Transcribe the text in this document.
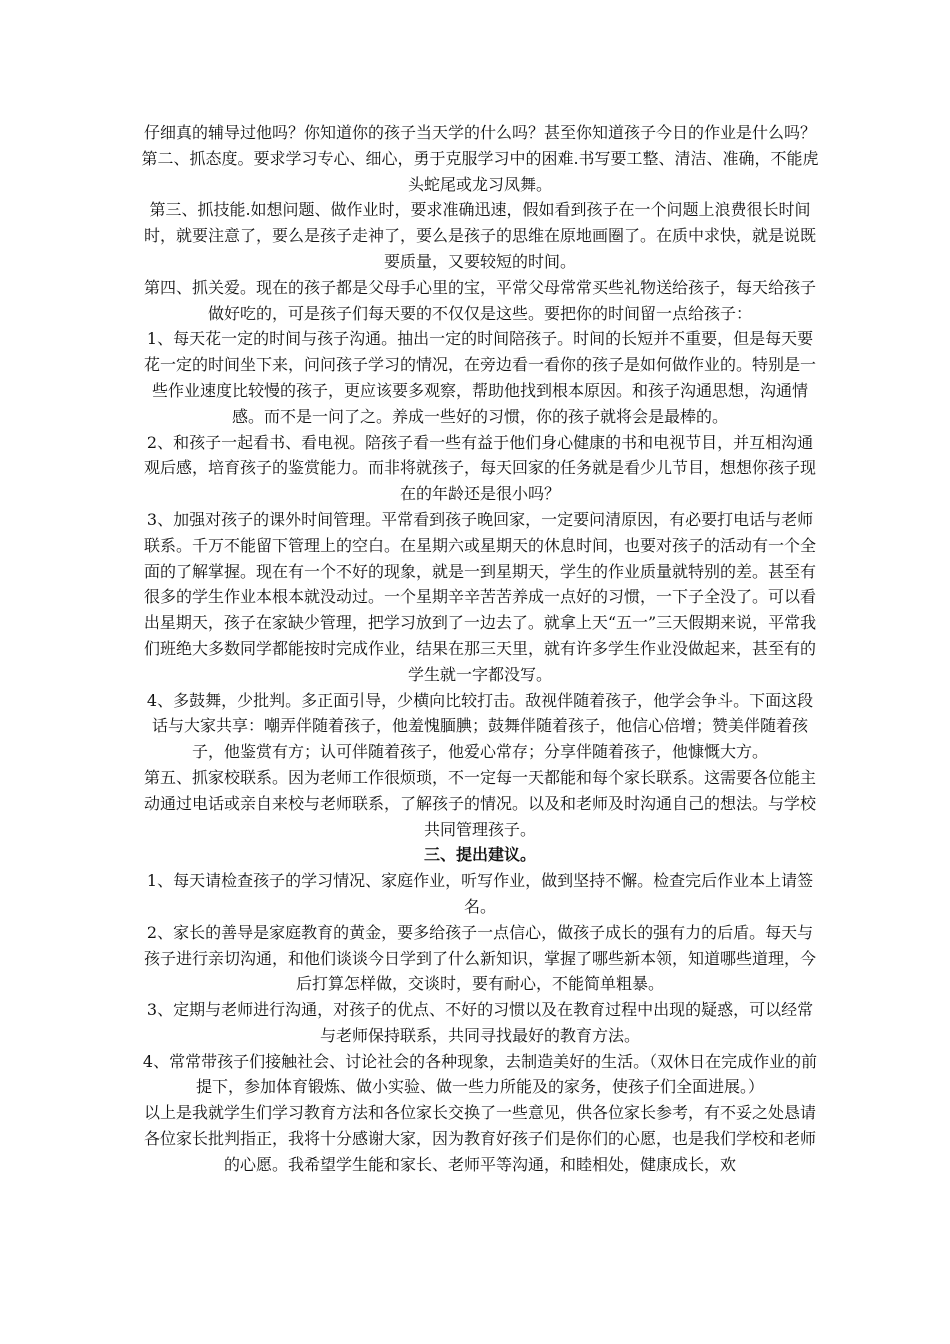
仔细真的辅导过他吗？你知道你的孩子当天学的什么吗？甚至你知道孩子今日的作业是什么吗？

第二、抓态度。要求学习专心、细心，勇于克服学习中的困难.书写要工整、清洁、准确，不能虎头蛇尾或龙习凤舞。

第三、抓技能.如想问题、做作业时，要求准确迅速，假如看到孩子在一个问题上浪费很长时间时，就要注意了，要么是孩子走神了，要么是孩子的思维在原地画圈了。在质中求快，就是说既要质量，又要较短的时间。

第四、抓关爱。现在的孩子都是父母手心里的宝，平常父母常常买些礼物送给孩子，每天给孩子做好吃的，可是孩子们每天要的不仅仅是这些。要把你的时间留一点给孩子：

1、每天花一定的时间与孩子沟通。抽出一定的时间陪孩子。时间的长短并不重要，但是每天要花一定的时间坐下来，问问孩子学习的情况，在旁边看一看你的孩子是如何做作业的。特别是一些作业速度比较慢的孩子，更应该要多观察，帮助他找到根本原因。和孩子沟通思想，沟通情感。而不是一问了之。养成一些好的习惯，你的孩子就将会是最棒的。

2、和孩子一起看书、看电视。陪孩子看一些有益于他们身心健康的书和电视节目，并互相沟通观后感，培育孩子的鉴赏能力。而非将就孩子，每天回家的任务就是看少儿节目，想想你孩子现在的年龄还是很小吗？

3、加强对孩子的课外时间管理。平常看到孩子晚回家，一定要问清原因，有必要打电话与老师联系。千万不能留下管理上的空白。在星期六或星期天的休息时间，也要对孩子的活动有一个全面的了解掌握。现在有一个不好的现象，就是一到星期天，学生的作业质量就特别的差。甚至有很多的学生作业本根本就没动过。一个星期辛辛苦苦养成一点好的习惯，一下子全没了。可以看出星期天，孩子在家缺少管理，把学习放到了一边去了。就拿上天“五一”三天假期来说，平常我们班绝大多数同学都能按时完成作业，结果在那三天里，就有许多学生作业没做起来，甚至有的学生就一字都没写。

4、多鼓舞，少批判。多正面引导，少横向比较打击。敌视伴随着孩子，他学会争斗。下面这段话与大家共享：嘲弄伴随着孩子，他羞愧腼腆；鼓舞伴随着孩子，他信心倍增；赞美伴随着孩子，他鉴赏有方；认可伴随着孩子，他爱心常存；分享伴随着孩子，他慷慨大方。

第五、抓家校联系。因为老师工作很烦琐，不一定每一天都能和每个家长联系。这需要各位能主动通过电话或亲自来校与老师联系，了解孩子的情况。以及和老师及时沟通自己的想法。与学校共同管理孩子。

三、提出建议。

1、每天请检查孩子的学习情况、家庭作业，听写作业，做到坚持不懈。检查完后作业本上请签名。

2、家长的善导是家庭教育的黄金，要多给孩子一点信心，做孩子成长的强有力的后盾。每天与孩子进行亲切沟通，和他们谈谈今日学到了什么新知识，掌握了哪些新本领，知道哪些道理，今后打算怎样做，交谈时，要有耐心，不能简单粗暴。

3、定期与老师进行沟通，对孩子的优点、不好的习惯以及在教育过程中出现的疑惑，可以经常与老师保持联系，共同寻找最好的教育方法。

4、常常带孩子们接触社会、讨论社会的各种现象，去制造美好的生活。（双休日在完成作业的前提下，参加体育锻炼、做小实验、做一些力所能及的家务，使孩子们全面进展。）

以上是我就学生们学习教育方法和各位家长交换了一些意见，供各位家长参考，有不妥之处恳请各位家长批判指正，我将十分感谢大家，因为教育好孩子们是你们的心愿，也是我们学校和老师的心愿。我希望学生能和家长、老师平等沟通，和睦相处，健康成长，欢
